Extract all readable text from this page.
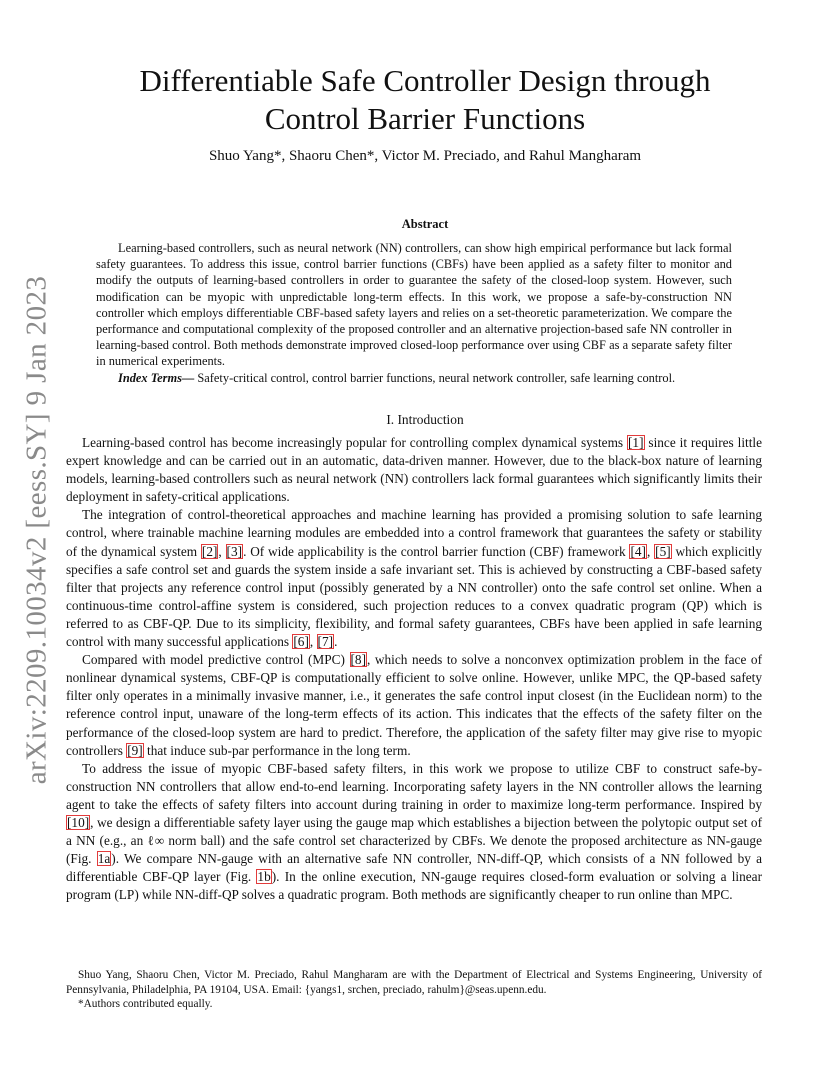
arXiv:2209.10034v2 [eess.SY] 9 Jan 2023
Differentiable Safe Controller Design through
Control Barrier Functions
Shuo Yang*, Shaoru Chen*, Victor M. Preciado, and Rahul Mangharam
Abstract

Learning-based controllers, such as neural network (NN) controllers, can show high empirical performance but lack formal safety guarantees. To address this issue, control barrier functions (CBFs) have been applied as a safety filter to monitor and modify the outputs of learning-based controllers in order to guarantee the safety of the closed-loop system. However, such modification can be myopic with unpredictable long-term effects. In this work, we propose a safe-by-construction NN controller which employs differentiable CBF-based safety layers and relies on a set-theoretic parameterization. We compare the performance and computational complexity of the proposed controller and an alternative projection-based safe NN controller in learning-based control. Both methods demonstrate improved closed-loop performance over using CBF as a separate safety filter in numerical experiments.

Index Terms— Safety-critical control, control barrier functions, neural network controller, safe learning control.

I. Introduction

Learning-based control has become increasingly popular for controlling complex dynamical systems [1] since it requires little expert knowledge and can be carried out in an automatic, data-driven manner. However, due to the black-box nature of learning models, learning-based controllers such as neural network (NN) controllers lack formal guarantees which significantly limits their deployment in safety-critical applications.

The integration of control-theoretical approaches and machine learning has provided a promising solution to safe learning control, where trainable machine learning modules are embedded into a control framework that guarantees the safety or stability of the dynamical system [2], [3]. Of wide applicability is the control barrier function (CBF) framework [4], [5] which explicitly specifies a safe control set and guards the system inside a safe invariant set. This is achieved by constructing a CBF-based safety filter that projects any reference control input (possibly generated by a NN controller) onto the safe control set online. When a continuous-time control-affine system is considered, such projection reduces to a convex quadratic program (QP) which is referred to as CBF-QP. Due to its simplicity, flexibility, and formal safety guarantees, CBFs have been applied in safe learning control with many successful applications [6], [7].

Compared with model predictive control (MPC) [8], which needs to solve a nonconvex optimization problem in the face of nonlinear dynamical systems, CBF-QP is computationally efficient to solve online. However, unlike MPC, the QP-based safety filter only operates in a minimally invasive manner, i.e., it generates the safe control input closest (in the Euclidean norm) to the reference control input, unaware of the long-term effects of its action. This indicates that the effects of the safety filter on the performance of the closed-loop system are hard to predict. Therefore, the application of the safety filter may give rise to myopic controllers [9] that induce sub-par performance in the long term.

To address the issue of myopic CBF-based safety filters, in this work we propose to utilize CBF to construct safe-by-construction NN controllers that allow end-to-end learning. Incorporating safety layers in the NN controller allows the learning agent to take the effects of safety filters into account during training in order to maximize long-term performance. Inspired by [10], we design a differentiable safety layer using the gauge map which establishes a bijection between the polytopic output set of a NN (e.g., an ℓ∞ norm ball) and the safe control set characterized by CBFs. We denote the proposed architecture as NN-gauge (Fig. 1a). We compare NN-gauge with an alternative safe NN controller, NN-diff-QP, which consists of a NN followed by a differentiable CBF-QP layer (Fig. 1b). In the online execution, NN-gauge requires closed-form evaluation or solving a linear program (LP) while NN-diff-QP solves a quadratic program. Both methods are significantly cheaper to run online than MPC.

Shuo Yang, Shaoru Chen, Victor M. Preciado, Rahul Mangharam are with the Department of Electrical and Systems Engineering, University of Pennsylvania, Philadelphia, PA 19104, USA. Email: {yangs1, srchen, preciado, rahulm}@seas.upenn.edu.

*Authors contributed equally.
